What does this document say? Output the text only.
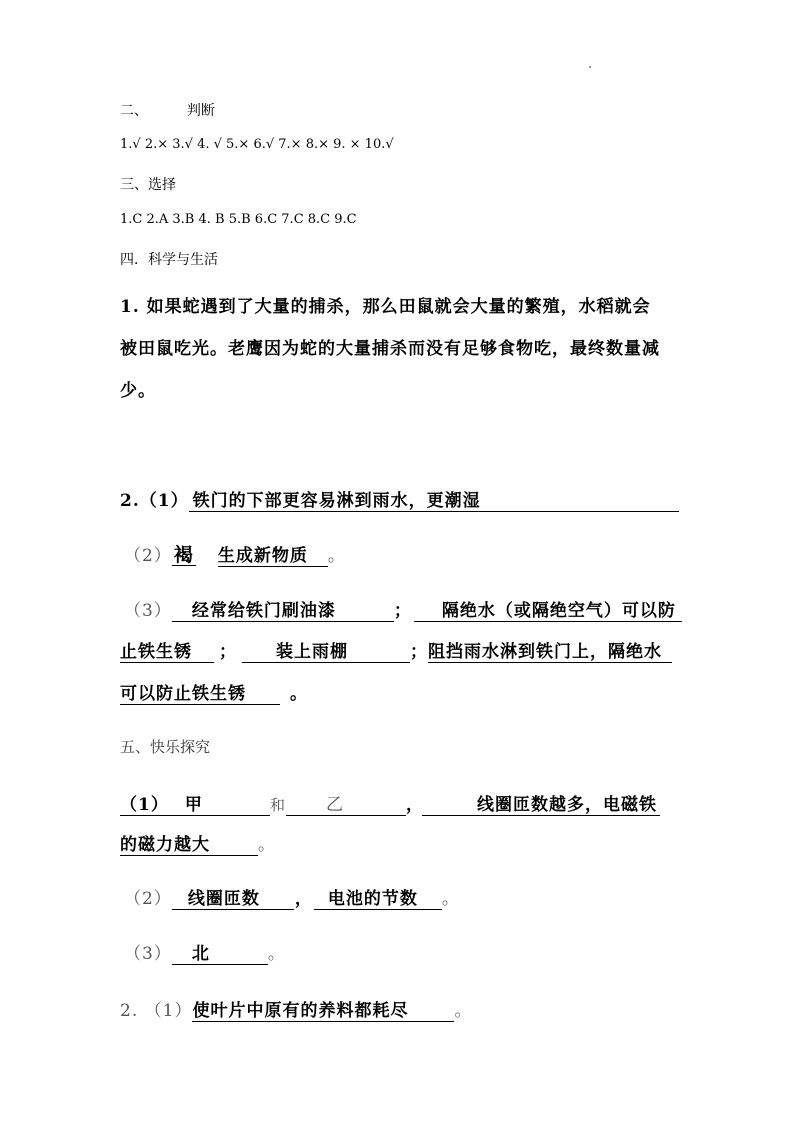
二、	判断
1.√ 2.× 3.√ 4. √ 5.× 6.√ 7.× 8.× 9. × 10.√
三、选择
1.C 2.A 3.B 4. B 5.B 6.C 7.C 8.C 9.C
四．科学与生活
1. 如果蛇遇到了大量的捕杀，那么田鼠就会大量的繁殖，水稻就会
被田鼠吃光。老鹰因为蛇的大量捕杀而没有足够食物吃，最终数量减
少。
2.（1） 铁门的下部更容易淋到雨水，更潮湿
（2） 褐 生成新物质 。
（3） 经常给铁门刷油漆	； 隔绝水（或隔绝空气）可以防
止铁生锈 ； 装上雨棚	；阻挡雨水淋到铁门上，隔绝水
可以防止铁生锈	。
五、快乐探究
（1） 甲	和 乙	，	线圈匝数越多，电磁铁
的磁力越大	。
（2） 线圈匝数 ， 电池的节数 。
（3） 北	。
2. （1）使叶片中原有的养料都耗尽	。
